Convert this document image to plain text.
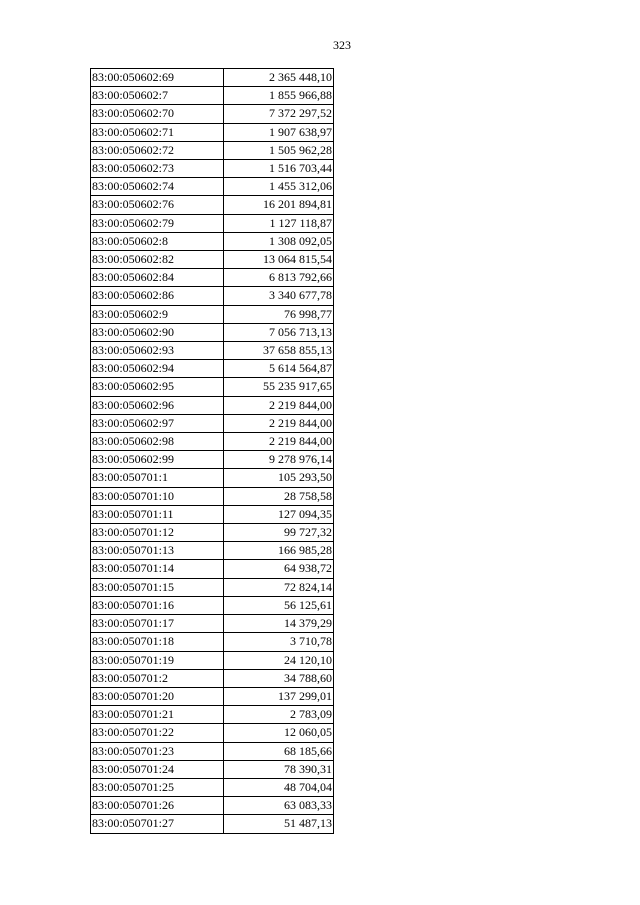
323
83:00:050602:69	2 365 448,10
83:00:050602:7	1 855 966,88
83:00:050602:70	7 372 297,52
83:00:050602:71	1 907 638,97
83:00:050602:72	1 505 962,28
83:00:050602:73	1 516 703,44
83:00:050602:74	1 455 312,06
83:00:050602:76	16 201 894,81
83:00:050602:79	1 127 118,87
83:00:050602:8	1 308 092,05
83:00:050602:82	13 064 815,54
83:00:050602:84	6 813 792,66
83:00:050602:86	3 340 677,78
83:00:050602:9	76 998,77
83:00:050602:90	7 056 713,13
83:00:050602:93	37 658 855,13
83:00:050602:94	5 614 564,87
83:00:050602:95	55 235 917,65
83:00:050602:96	2 219 844,00
83:00:050602:97	2 219 844,00
83:00:050602:98	2 219 844,00
83:00:050602:99	9 278 976,14
83:00:050701:1	105 293,50
83:00:050701:10	28 758,58
83:00:050701:11	127 094,35
83:00:050701:12	99 727,32
83:00:050701:13	166 985,28
83:00:050701:14	64 938,72
83:00:050701:15	72 824,14
83:00:050701:16	56 125,61
83:00:050701:17	14 379,29
83:00:050701:18	3 710,78
83:00:050701:19	24 120,10
83:00:050701:2	34 788,60
83:00:050701:20	137 299,01
83:00:050701:21	2 783,09
83:00:050701:22	12 060,05
83:00:050701:23	68 185,66
83:00:050701:24	78 390,31
83:00:050701:25	48 704,04
83:00:050701:26	63 083,33
83:00:050701:27	51 487,13
